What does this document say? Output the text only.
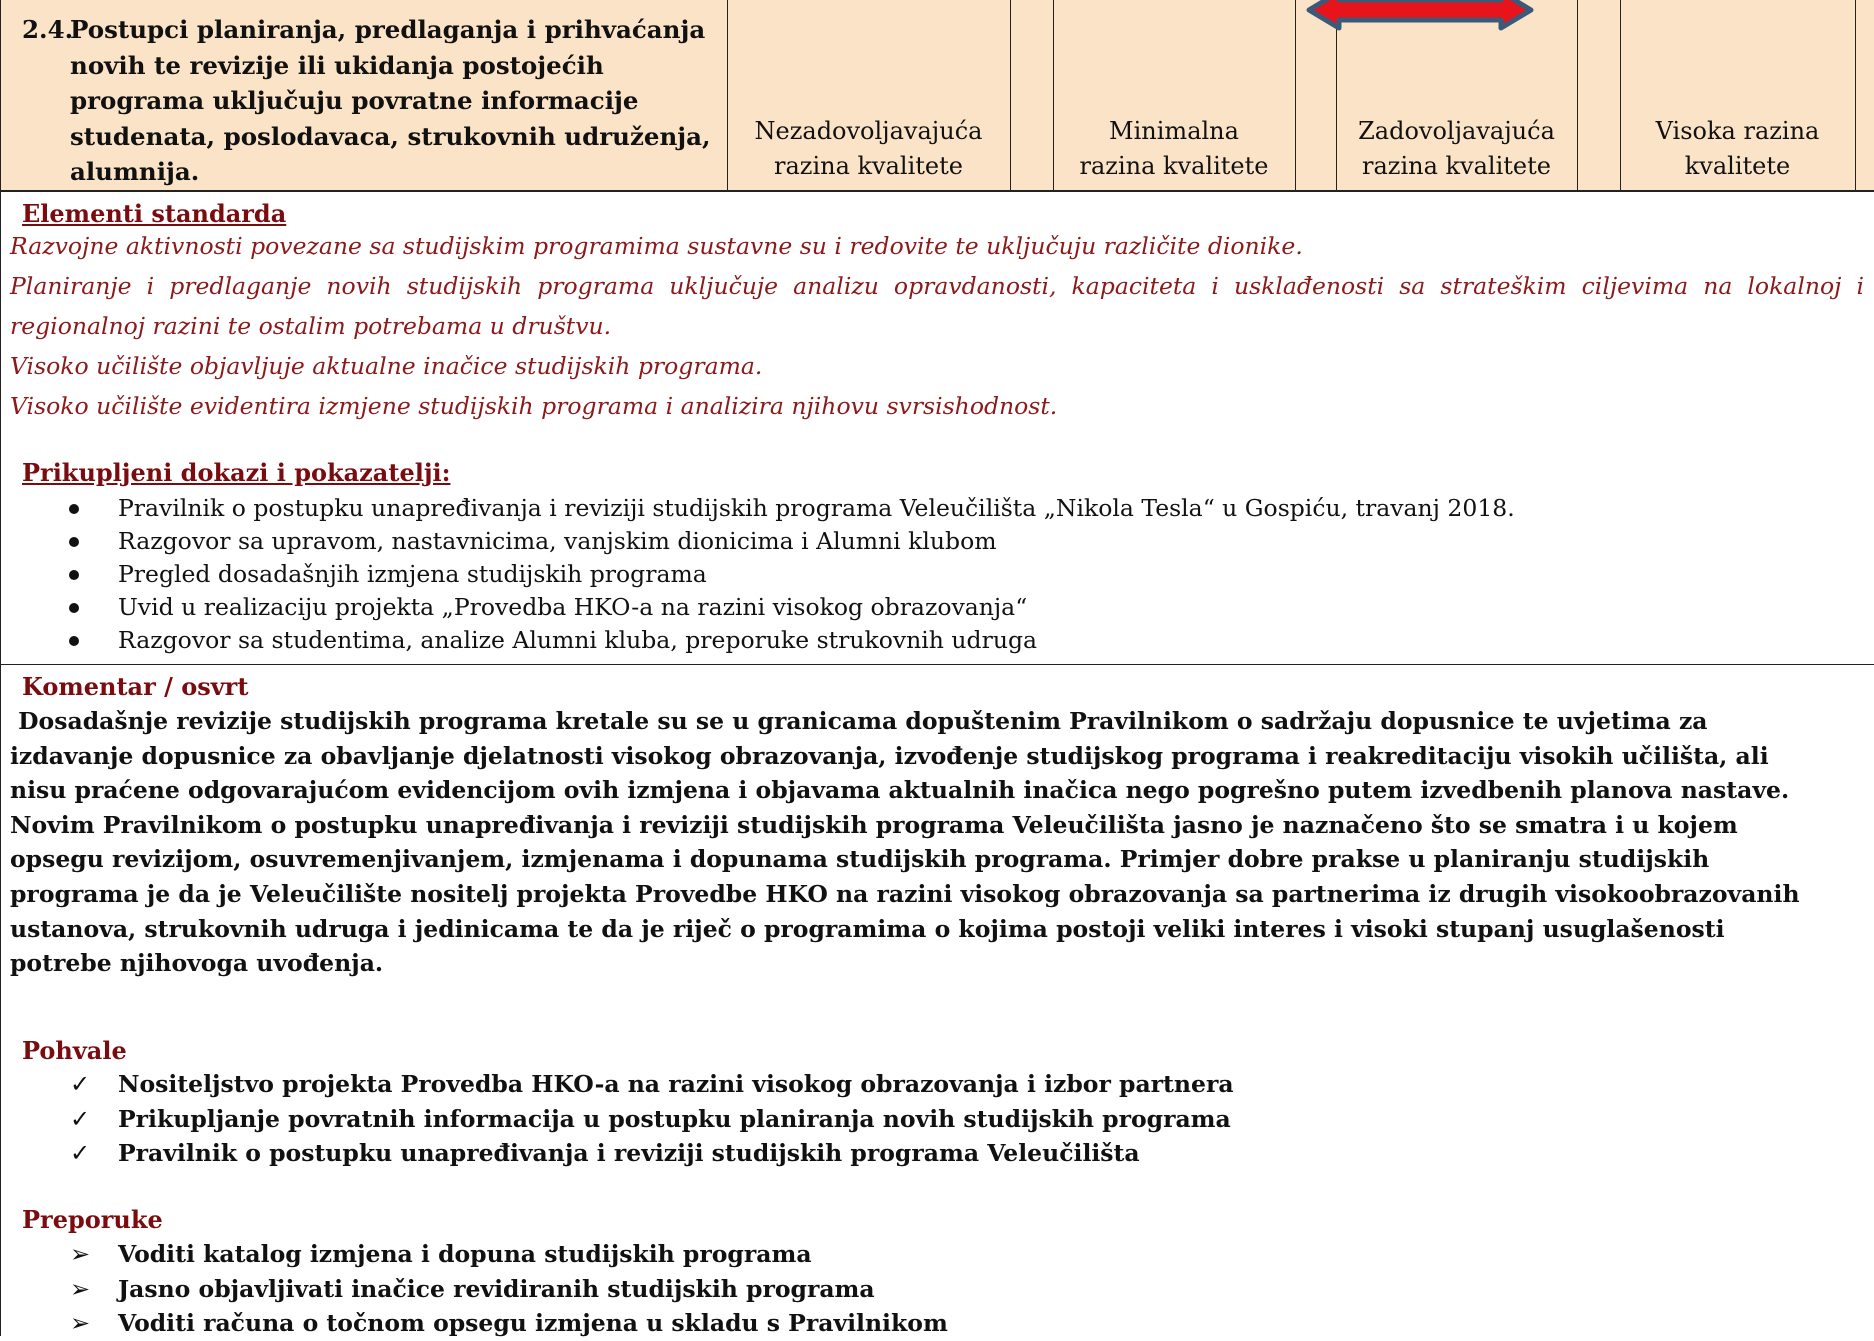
2.4.Postupci planiranja, predlaganja i prihvaćanja
novih te revizije ili ukidanja postojećih
programa uključuju povratne informacije
studenata, poslodavaca, strukovnih udruženja,
alumnija.
Nezadovoljavajuća
razina kvalitete
Minimalna
razina kvalitete
Zadovoljavajuća
razina kvalitete
Visoka razina
kvalitete
Elementi standarda
Razvojne aktivnosti povezane sa studijskim programima sustavne su i redovite te uključuju različite dionike.
Planiranje i predlaganje novih studijskih programa uključuje analizu opravdanosti, kapaciteta i usklađenosti sa strateškim ciljevima na lokalnoj i
regionalnoj razini te ostalim potrebama u društvu.
Visoko učilište objavljuje aktualne inačice studijskih programa.
Visoko učilište evidentira izmjene studijskih programa i analizira njihovu svrsishodnost.
Prikupljeni dokazi i pokazatelji:
Pravilnik o postupku unapređivanja i reviziji studijskih programa Veleučilišta „Nikola Tesla“ u Gospiću, travanj 2018.
Razgovor sa upravom, nastavnicima, vanjskim dionicima i Alumni klubom
Pregled dosadašnjih izmjena studijskih programa
Uvid u realizaciju projekta „Provedba HKO-a na razini visokog obrazovanja“
Razgovor sa studentima, analize Alumni kluba, preporuke strukovnih udruga
Komentar / osvrt
Dosadašnje revizije studijskih programa kretale su se u granicama dopuštenim Pravilnikom o sadržaju dopusnice te uvjetima za
izdavanje dopusnice za obavljanje djelatnosti visokog obrazovanja, izvođenje studijskog programa i reakreditaciju visokih učilišta, ali
nisu praćene odgovarajućom evidencijom ovih izmjena i objavama aktualnih inačica nego pogrešno putem izvedbenih planova nastave.
Novim Pravilnikom o postupku unapređivanja i reviziji studijskih programa Veleučilišta jasno je naznačeno što se smatra i u kojem
opsegu revizijom, osuvremenjivanjem, izmjenama i dopunama studijskih programa. Primjer dobre prakse u planiranju studijskih
programa je da je Veleučilište nositelj projekta Provedbe HKO na razini visokog obrazovanja sa partnerima iz drugih visokoobrazovanih
ustanova, strukovnih udruga i jedinicama te da je riječ o programima o kojima postoji veliki interes i visoki stupanj usuglašenosti
potrebe njihovoga uvođenja.
Pohvale
✓ Nositeljstvo projekta Provedba HKO-a na razini visokog obrazovanja i izbor partnera
✓ Prikupljanje povratnih informacija u postupku planiranja novih studijskih programa
✓ Pravilnik o postupku unapređivanja i reviziji studijskih programa Veleučilišta
Preporuke
➢ Voditi katalog izmjena i dopuna studijskih programa
➢ Jasno objavljivati inačice revidiranih studijskih programa
➢ Voditi računa o točnom opsegu izmjena u skladu s Pravilnikom
